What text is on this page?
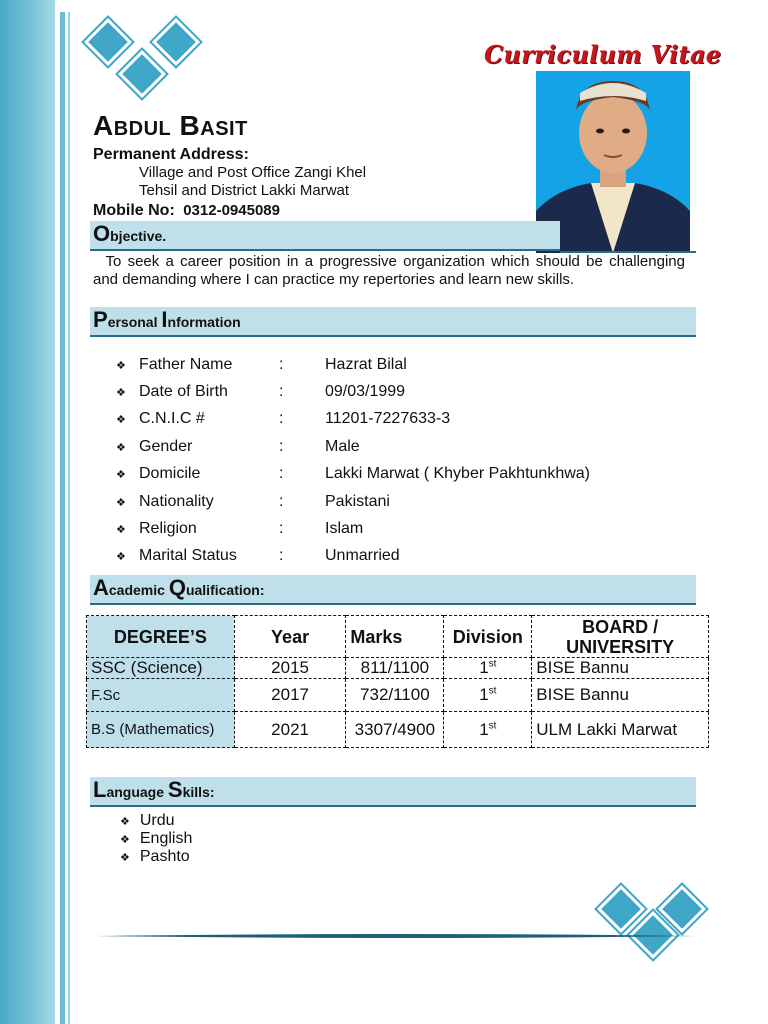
Curriculum Vitae
Abdul Basit
Permanent Address:
Village and Post Office Zangi Khel
Tehsil and District Lakki Marwat
Mobile No: 0312-0945089
Objective.
To seek a career position in a progressive organization which should be challenging and demanding where I can practice my repertories and learn new skills.
Personal Information
❖ Father Name	:	Hazrat Bilal
❖ Date of Birth	:	09/03/1999
❖ C.N.I.C #	:	11201-7227633-3
❖ Gender	:	Male
❖ Domicile	:	Lakki Marwat ( Khyber Pakhtunkhwa)
❖ Nationality	:	Pakistani
❖ Religion	:	Islam
❖ Marital Status	:	Unmarried
Academic Qualification:
DEGREE’S	Year	Marks	Division	BOARD / UNIVERSITY
SSC (Science)	2015	811/1100	1st	BISE Bannu
F.Sc	2017	732/1100	1st	BISE Bannu
B.S (Mathematics)	2021	3307/4900	1st	ULM Lakki Marwat
Language Skills:
❖ Urdu
❖ English
❖ Pashto
